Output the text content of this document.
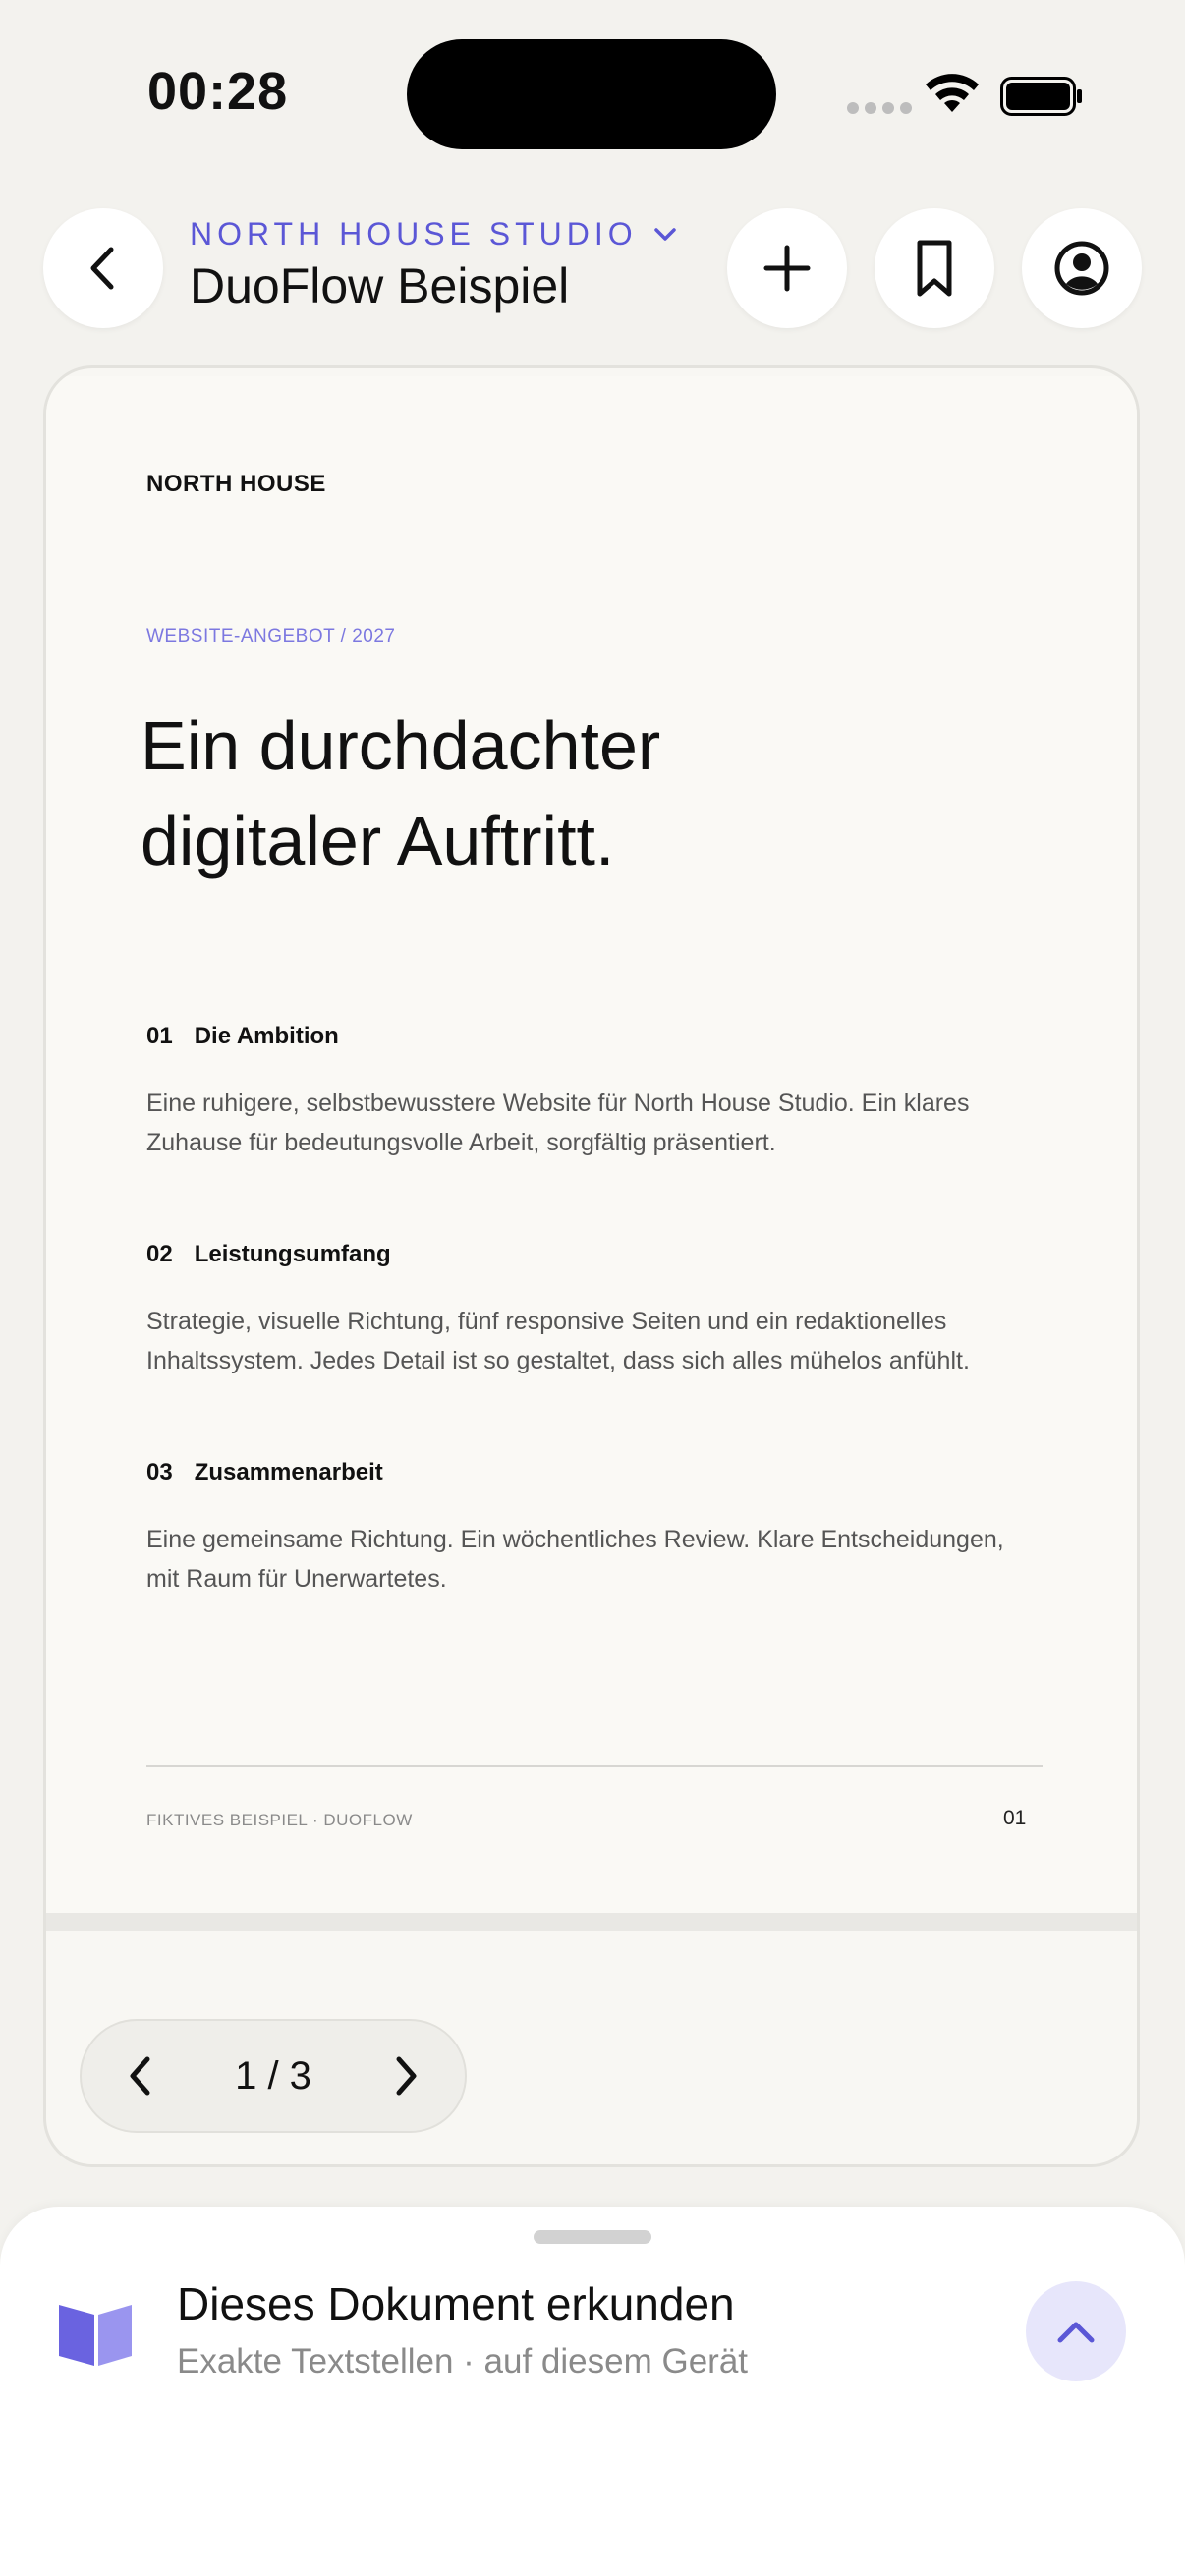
00:28
NORTH HOUSE STUDIO
DuoFlow Beispiel
NORTH HOUSE
WEBSITE-ANGEBOT / 2027
Ein durchdachter
digitaler Auftritt.
01 Die Ambition
Eine ruhigere, selbstbewusstere Website für North House Studio. Ein klares Zuhause für bedeutungsvolle Arbeit, sorgfältig präsentiert.
02 Leistungsumfang
Strategie, visuelle Richtung, fünf responsive Seiten und ein redaktionelles Inhaltssystem. Jedes Detail ist so gestaltet, dass sich alles mühelos anfühlt.
03 Zusammenarbeit
Eine gemeinsame Richtung. Ein wöchentliches Review. Klare Entscheidungen, mit Raum für Unerwartetes.
FIKTIVES BEISPIEL · DUOFLOW	01
1 / 3
Dieses Dokument erkunden
Exakte Textstellen · auf diesem Gerät
